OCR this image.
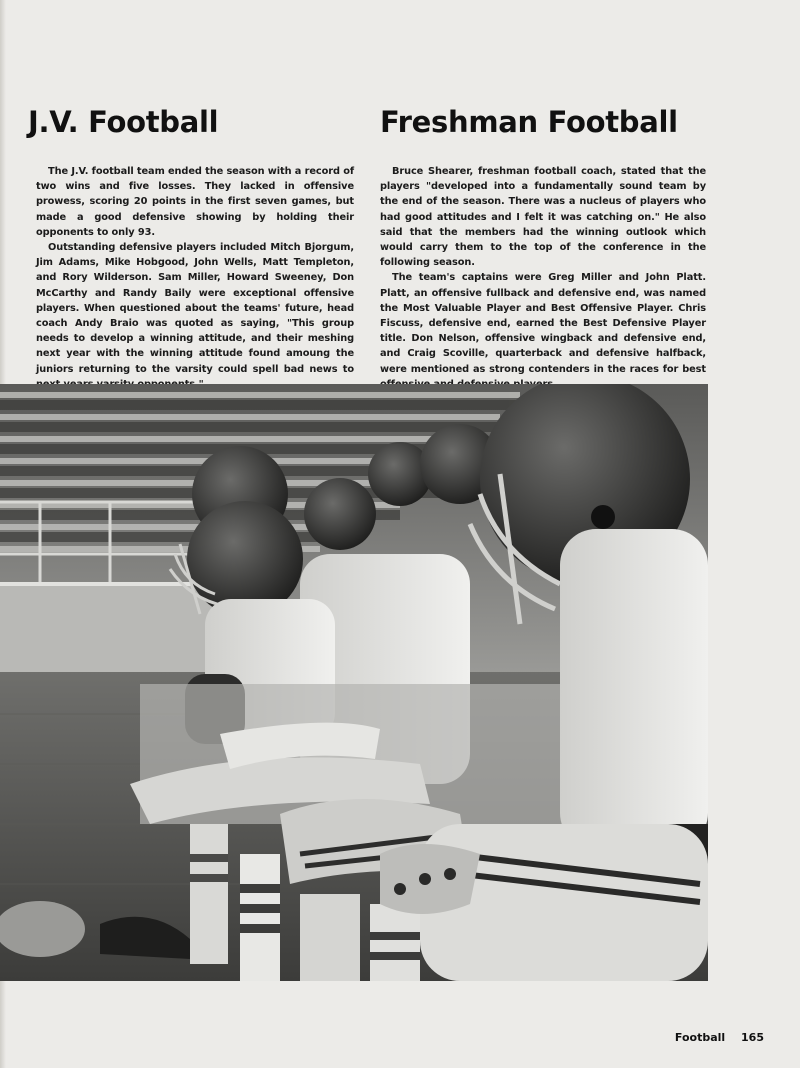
J.V. Football

The J.V. football team ended the season with a record of two wins and five losses. They lacked in offensive prowess, scoring 20 points in the first seven games, but made a good defensive showing by holding their opponents to only 93.

Outstanding defensive players included Mitch Bjorgum, Jim Adams, Mike Hobgood, John Wells, Matt Templeton, and Rory Wilderson. Sam Miller, Howard Sweeney, Don McCarthy and Randy Baily were exceptional offensive players. When questioned about the teams' future, head coach Andy Braio was quoted as saying, "This group needs to develop a winning attitude, and their meshing next year with the winning attitude found amoung the juniors returning to the varsity could spell bad news to

Freshman Football

Bruce Shearer, freshman football coach, stated that the players "developed into a fundamentally sound team by the end of the season. There was a nucleus of players who had good attitudes and I felt it was catching on." He also said that the members had the winning outlook which would carry them to the top of the conference in the following season.

The team's captains were Greg Miller and John Platt. Platt, an offensive fullback and defensive end, was named the Most Valuable Player and Best Offensive Player. Chris Fiscuss, defensive end, earned the Best Defensive Player title. Don Nelson, offensive wingback and defensive end, and Craig Scoville, quarterback and defensive halfback, were mentioned as strong contenders in the races for best

Football 165
